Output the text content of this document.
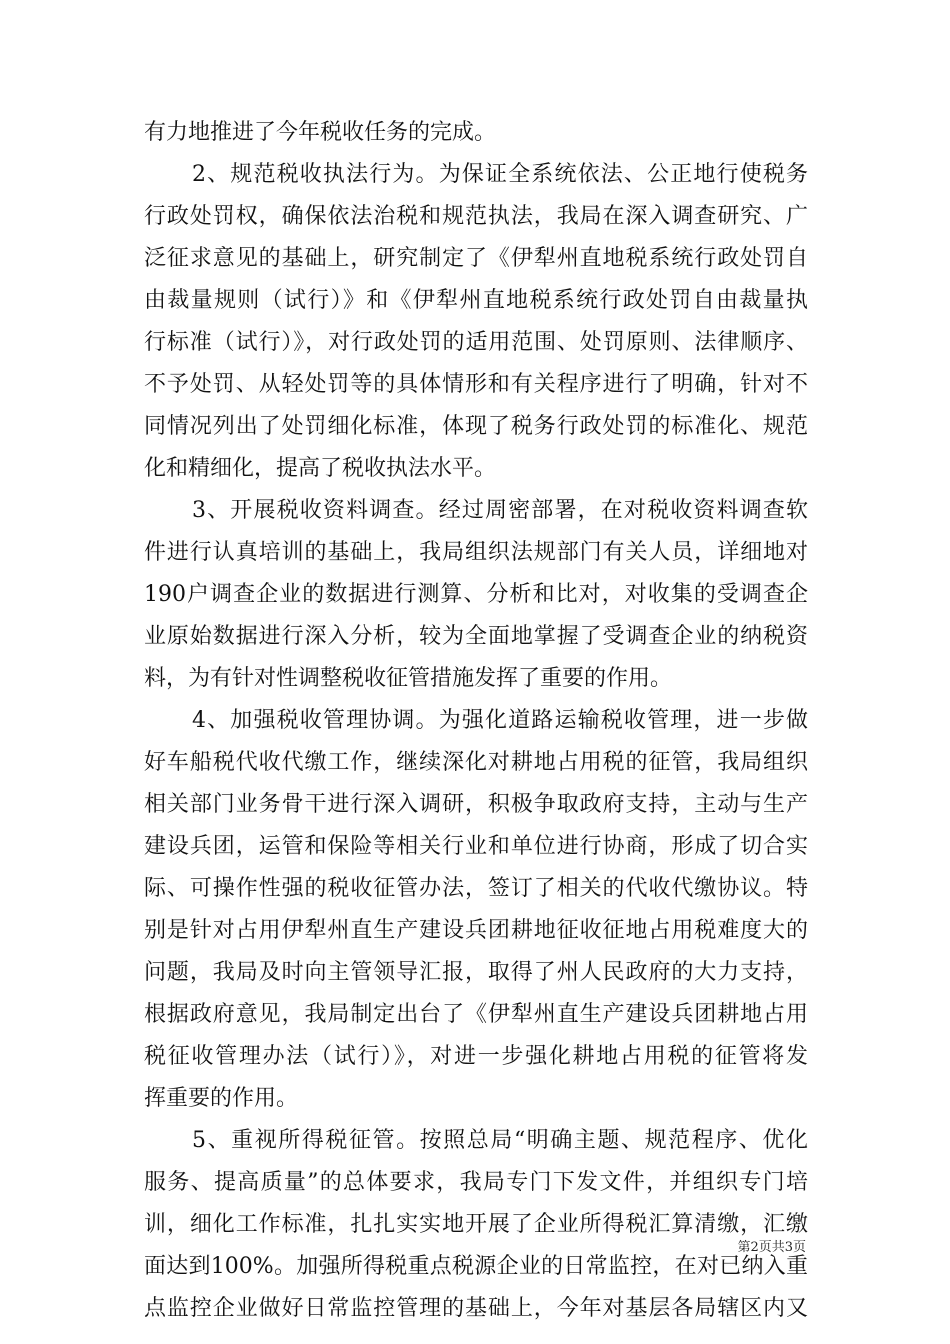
有力地推进了今年税收任务的完成。
2、规范税收执法行为。为保证全系统依法、公正地行使税务
行政处罚权，确保依法治税和规范执法，我局在深入调查研究、广
泛征求意见的基础上，研究制定了《伊犁州直地税系统行政处罚自
由裁量规则（试行）》和《伊犁州直地税系统行政处罚自由裁量执
行标准（试行）》，对行政处罚的适用范围、处罚原则、法律顺序、
不予处罚、从轻处罚等的具体情形和有关程序进行了明确，针对不
同情况列出了处罚细化标准，体现了税务行政处罚的标准化、规范
化和精细化，提高了税收执法水平。
3、开展税收资料调查。经过周密部署，在对税收资料调查软
件进行认真培训的基础上，我局组织法规部门有关人员，详细地对
190户调查企业的数据进行测算、分析和比对，对收集的受调查企
业原始数据进行深入分析，较为全面地掌握了受调查企业的纳税资
料，为有针对性调整税收征管措施发挥了重要的作用。
4、加强税收管理协调。为强化道路运输税收管理，进一步做
好车船税代收代缴工作，继续深化对耕地占用税的征管，我局组织
相关部门业务骨干进行深入调研，积极争取政府支持，主动与生产
建设兵团，运管和保险等相关行业和单位进行协商，形成了切合实
际、可操作性强的税收征管办法，签订了相关的代收代缴协议。特
别是针对占用伊犁州直生产建设兵团耕地征收征地占用税难度大的
问题，我局及时向主管领导汇报，取得了州人民政府的大力支持，
根据政府意见，我局制定出台了《伊犁州直生产建设兵团耕地占用
税征收管理办法（试行）》，对进一步强化耕地占用税的征管将发
挥重要的作用。
5、重视所得税征管。按照总局“明确主题、规范程序、优化
服务、提高质量”的总体要求，我局专门下发文件，并组织专门培
训，细化工作标准，扎扎实实地开展了企业所得税汇算清缴，汇缴
面达到100%。加强所得税重点税源企业的日常监控，在对已纳入重
点监控企业做好日常监控管理的基础上，今年对基层各局辖区内又
第2页共3页
